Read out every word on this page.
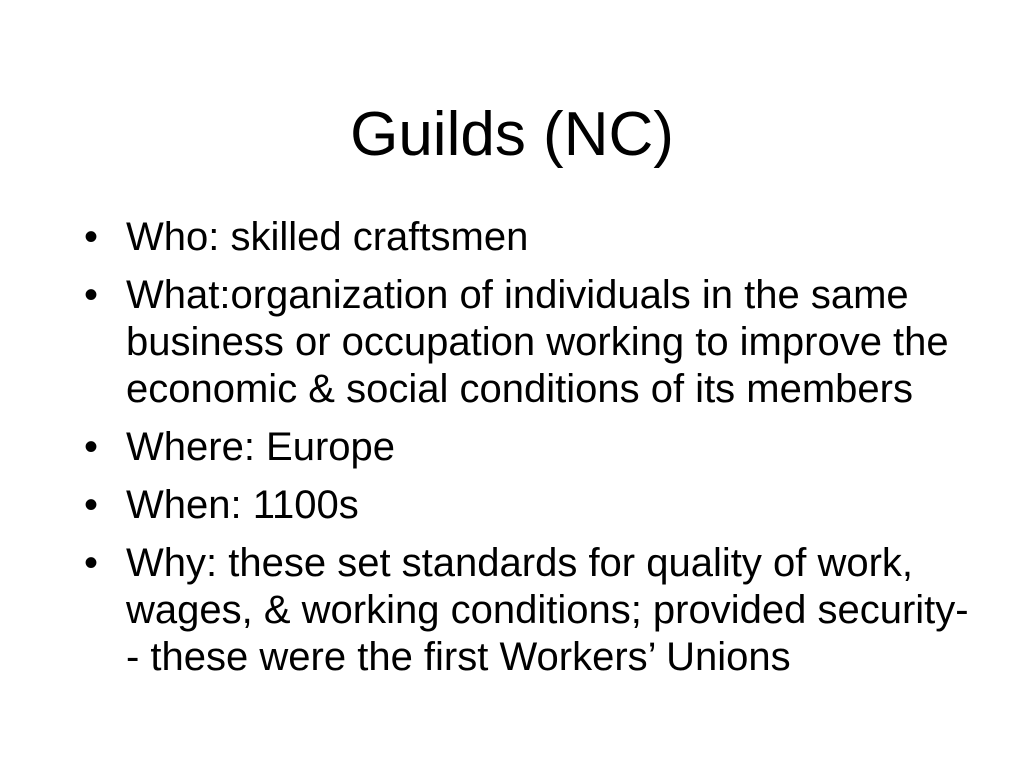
Guilds (NC)
• Who: skilled craftsmen
• What:organization of individuals in the same
business or occupation working to improve the
economic & social conditions of its members
• Where: Europe
• When: 1100s
• Why: these set standards for quality of work,
wages, & working conditions; provided security-
- these were the first Workers’ Unions
